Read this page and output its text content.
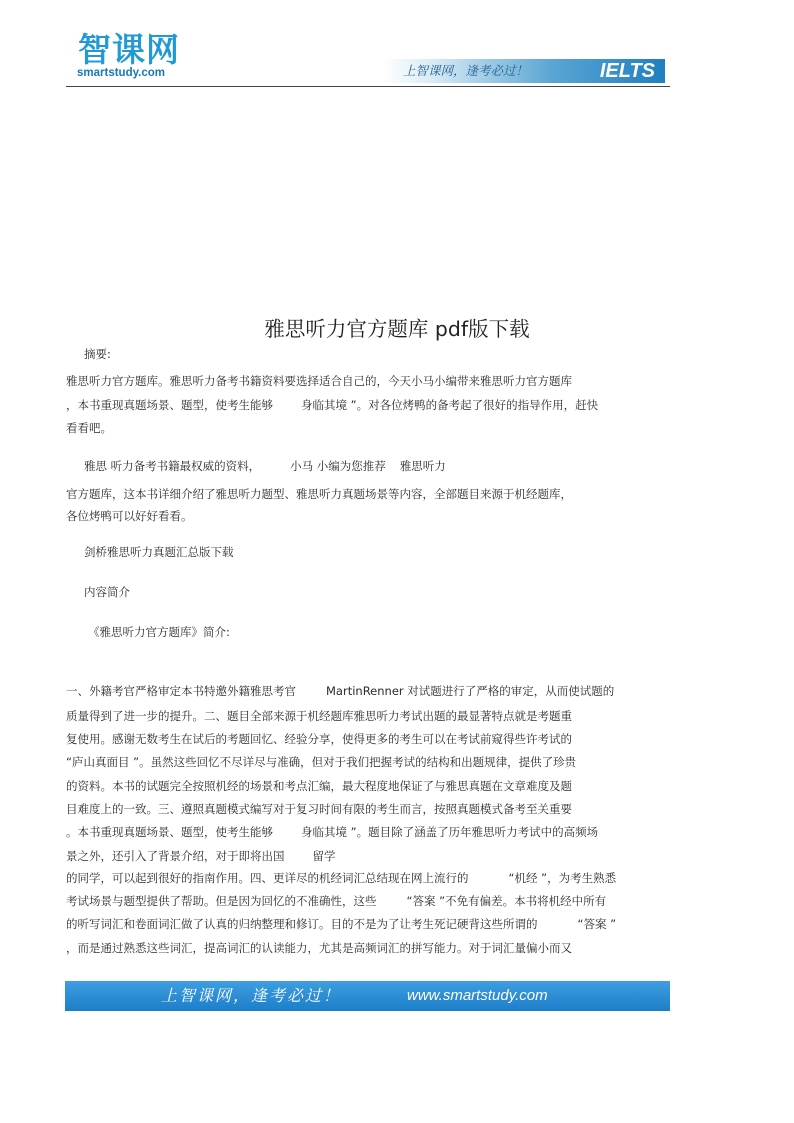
智课网
smartstudy.com	上智课网，逢考必过！	IELTS
雅思听力官方题库 pdf版下载
摘要:
雅思听力官方题库。雅思听力备考书籍资料要选择适合自己的，今天小马小编带来雅思听力官方题库
，本书重现真题场景、题型，使考生能够 身临其境 ”。对各位烤鸭的备考起了很好的指导作用，赶快
看看吧。
雅思 听力备考书籍最权威的资料，	小马 小编为您推荐 雅思听力
官方题库，这本书详细介绍了雅思听力题型、雅思听力真题场景等内容，全部题目来源于机经题库，
各位烤鸭可以好好看看。
剑桥雅思听力真题汇总版下载
内容简介
《雅思听力官方题库》简介:
一、外籍考官严格审定本书特邀外籍雅思考官	MartinRenner 对试题进行了严格的审定，从而使试题的
质量得到了进一步的提升。二、题目全部来源于机经题库雅思听力考试出题的最显著特点就是考题重
复使用。感谢无数考生在试后的考题回忆、经验分享，使得更多的考生可以在考试前窥得些许考试的
“庐山真面目 ”。虽然这些回忆不尽详尽与准确，但对于我们把握考试的结构和出题规律，提供了珍贵
的资料。本书的试题完全按照机经的场景和考点汇编，最大程度地保证了与雅思真题在文章难度及题
目难度上的一致。三、遵照真题模式编写对于复习时间有限的考生而言，按照真题模式备考至关重要
。本书重现真题场景、题型，使考生能够 身临其境 ”。题目除了涵盖了历年雅思听力考试中的高频场
景之外，还引入了背景介绍，对于即将出国 留学
的同学，可以起到很好的指南作用。四、更详尽的机经词汇总结现在网上流行的	“机经 ”，为考生熟悉
考试场景与题型提供了帮助。但是因为回忆的不准确性，这些	“答案 ”不免有偏差。本书将机经中所有
的听写词汇和卷面词汇做了认真的归纳整理和修订。目的不是为了让考生死记硬背这些所谓的	“答案 ”
，而是通过熟悉这些词汇，提高词汇的认读能力，尤其是高频词汇的拼写能力。对于词汇量偏小而又
上智课网，逢考必过！	www.smartstudy.com
